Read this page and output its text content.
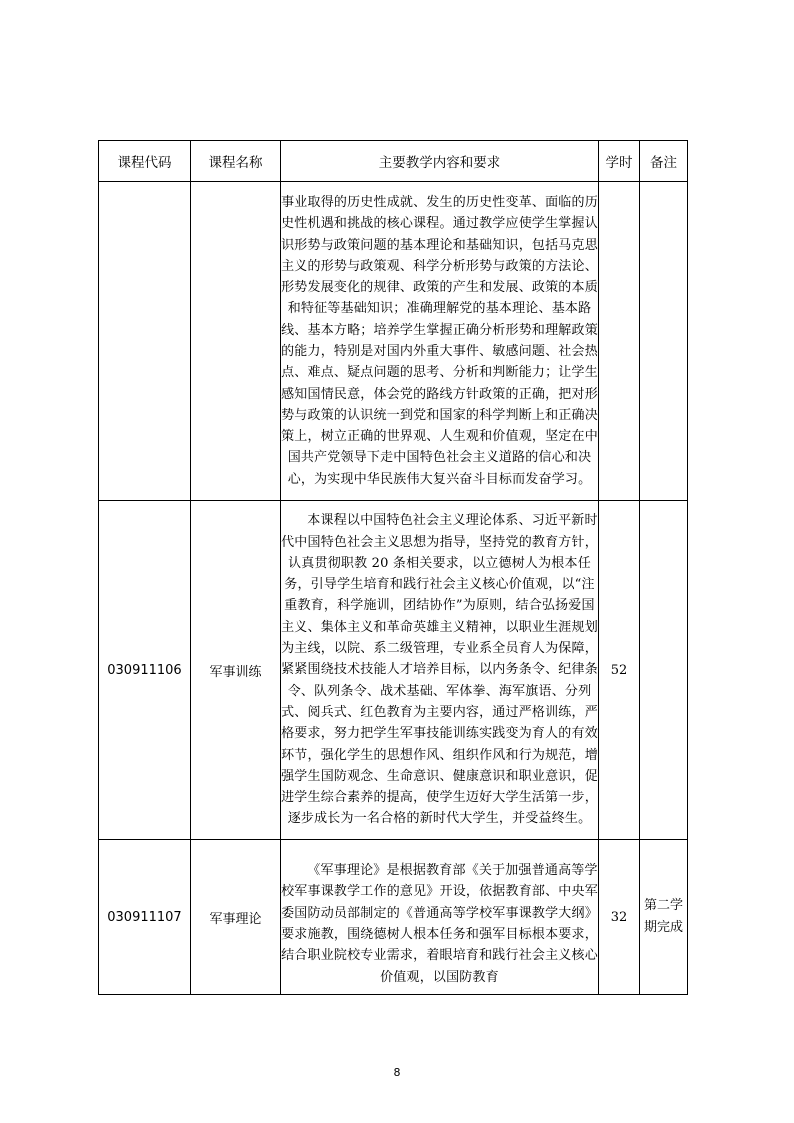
课程代码	课程名称	主要教学内容和要求	学时	备注

		事业取得的历史性成就、发生的历史性变革、面临的历史性机遇和挑战的核心课程。通过教学应使学生掌握认识形势与政策问题的基本理论和基础知识，包括马克思主义的形势与政策观、科学分析形势与政策的方法论、形势发展变化的规律、政策的产生和发展、政策的本质和特征等基础知识；准确理解党的基本理论、基本路线、基本方略；培养学生掌握正确分析形势和理解政策的能力，特别是对国内外重大事件、敏感问题、社会热点、难点、疑点问题的思考、分析和判断能力；让学生感知国情民意，体会党的路线方针政策的正确，把对形势与政策的认识统一到党和国家的科学判断上和正确决策上，树立正确的世界观、人生观和价值观，坚定在中国共产党领导下走中国特色社会主义道路的信心和决心，为实现中华民族伟大复兴奋斗目标而发奋学习。		

030911106	军事训练	本课程以中国特色社会主义理论体系、习近平新时代中国特色社会主义思想为指导，坚持党的教育方针，认真贯彻职教 20 条相关要求，以立德树人为根本任务，引导学生培育和践行社会主义核心价值观，以“注重教育，科学施训，团结协作”为原则，结合弘扬爱国主义、集体主义和革命英雄主义精神，以职业生涯规划为主线，以院、系二级管理，专业系全员育人为保障，紧紧围绕技术技能人才培养目标，以内务条令、纪律条令、队列条令、战术基础、军体拳、海军旗语、分列式、阅兵式、红色教育为主要内容，通过严格训练，严格要求，努力把学生军事技能训练实践变为育人的有效环节，强化学生的思想作风、组织作风和行为规范，增强学生国防观念、生命意识、健康意识和职业意识，促进学生综合素养的提高，使学生迈好大学生活第一步，逐步成长为一名合格的新时代大学生，并受益终生。	52	
030911107	军事理论	《军事理论》是根据教育部《关于加强普通高等学校军事课教学工作的意见》开设，依据教育部、中央军委国防动员部制定的《普通高等学校军事课教学大纲》要求施教，围绕德树人根本任务和强军目标根本要求，结合职业院校专业需求，着眼培育和践行社会主义核心价值观，以国防教育	32	第二学期完成
8
